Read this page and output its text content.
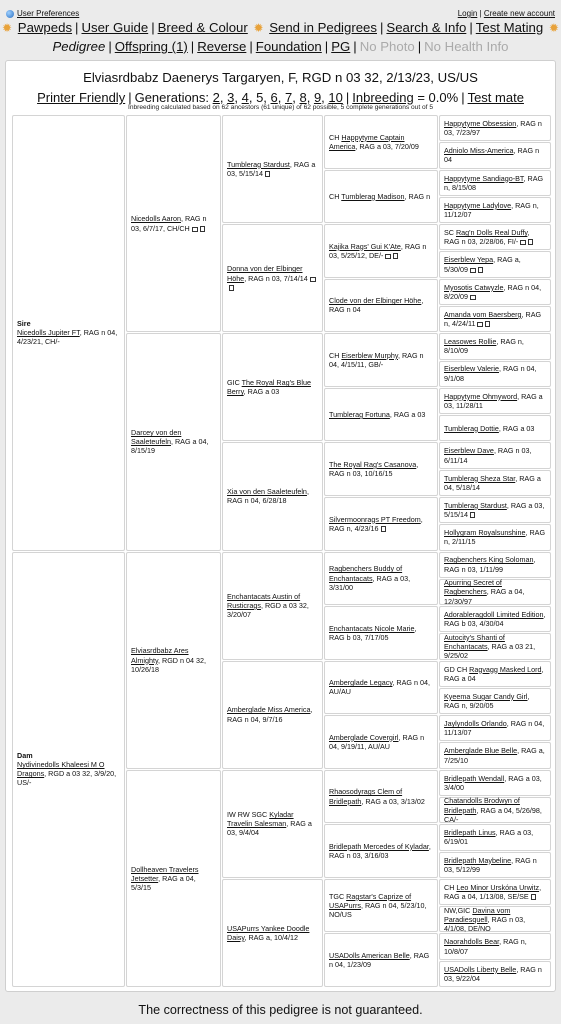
User Preferences	Login | Create new account
✹ Pawpeds | User Guide | Breed & Colour ✹ Send in Pedigrees | Search & Info | Test Mating ✹
Pedigree | Offspring (1) | Reverse | Foundation | PG | No Photo | No Health Info
Elviasrdbabz Daenerys Targaryen, F, RGD n 03 32, 2/13/23, US/US
Printer Friendly | Generations: 2, 3, 4, 5, 6, 7, 8, 9, 10 | Inbreeding = 0.0% | Test mate
Inbreeding calculated based on 62 ancestors (61 unique) of 62 possible, 5 complete generations out of 5
Sire
Nicedolls Jupiter FT, RAG n 04, 4/23/21, CH/-
Dam
Nydivinedolls Khaleesi M O Dragons, RGD a 03 32, 3/9/20, US/-
Nicedolls Aaron, RAG n 03, 6/7/17, CH/CH
Darcey von den Saaleteufeln, RAG a 04, 8/15/19
Elviasrdbabz Ares Almighty, RGD n 04 32, 10/26/18
Dollheaven Travelers Jetsetter, RAG a 04, 5/3/15
Tumblerag Stardust, RAG a 03, 5/15/14
Donna von der Elbinger Höhe, RAG n 03, 7/14/14
GIC The Royal Rag's Blue Berry, RAG a 03
Xia von den Saaleteufeln, RAG n 04, 6/28/18
Enchantacats Austin of Rusticrags, RGD a 03 32, 3/20/07
Amberglade Miss America, RAG n 04, 9/7/16
IW RW SGC Kyladar Travelin Salesman, RAG a 03, 9/4/04
USAPurrs Yankee Doodle Daisy, RAG a, 10/4/12
CH Happytyme Captain America, RAG a 03, 7/20/09
CH Tumblerag Madison, RAG n
Kajika Rags' Gui K'Ate, RAG n 03, 5/25/12, DE/-
Clode von der Elbinger Höhe, RAG n 04
CH Eiserblew Murphy, RAG n 04, 4/15/11, GB/-
Tumblerag Fortuna, RAG a 03
The Royal Rag's Casanova, RAG n 03, 10/16/15
Silvermoonrags PT Freedom, RAG n, 4/23/16
Ragbenchers Buddy of Enchantacats, RAG a 03, 3/31/00
Enchantacats Nicole Marie, RAG b 03, 7/17/05
Amberglade Legacy, RAG n 04, AU/AU
Amberglade Covergirl, RAG n 04, 9/19/11, AU/AU
Rhaosodyrags Clem of Bridlepath, RAG a 03, 3/13/02
Bridlepath Mercedes of Kyladar, RAG n 03, 3/16/03
TGC Ragstar's Caprize of USAPurrs, RAG n 04, 5/23/10, NO/US
USADolls American Belle, RAG n 04, 1/23/09
Happytyme Obsession, RAG n 03, 7/23/97
Adniolo Miss-America, RAG n 04
Happytyme Sandiago-BT, RAG n, 8/15/08
Happytyme Ladylove, RAG n, 11/12/07
SC Rag'n Dolls Real Duffy, RAG n 03, 2/28/06, FI/-
Eiserblew Yepa, RAG a, 5/30/09
Myosotis Catwyzle, RAG n 04, 8/20/09
Amanda vom Baersberg, RAG n, 4/24/11
Leasowes Rollie, RAG n, 8/10/09
Eiserblew Valerie, RAG n 04, 9/1/08
Happytyme Ohmyword, RAG a 03, 11/28/11
Tumblerag Dottie, RAG a 03
Eiserblew Dave, RAG n 03, 6/11/14
Tumblerag Sheza Star, RAG a 04, 5/18/14
Tumblerag Stardust, RAG a 03, 5/15/14
Hollygram Royalsunshine, RAG n, 2/11/15
Ragbenchers King Soloman, RAG n 03, 1/11/99
Apurring Secret of Ragbenchers, RAG a 04, 12/30/97
Adorableragdoll Limited Edition, RAG b 03, 4/30/04
Autocity's Shanti of Enchantacats, RAG a 03 21, 9/25/02
GD CH Ragvagg Masked Lord, RAG a 04
Kyeema Sugar Candy Girl, RAG n, 9/20/05
Jaylyndolls Orlando, RAG n 04, 11/13/07
Amberglade Blue Belle, RAG a, 7/25/10
Bridlepath Wendall, RAG a 03, 3/4/00
Chatandolls Brodwyn of Bridlepath, RAG a 04, 5/26/98, CA/-
Bridlepath Linus, RAG a 03, 6/19/01
Bridlepath Maybeline, RAG n 03, 5/12/99
CH Leo Minor Urskóna Urwitz, RAG a 04, 1/13/08, SE/SE
NW,GIC Davina vom Paradiesquell, RAG n 03, 4/1/08, DE/NO
Naorahdolls Bear, RAG n, 10/8/07
USADolls Liberty Belle, RAG n 03, 9/22/04
The correctness of this pedigree is not guaranteed.
